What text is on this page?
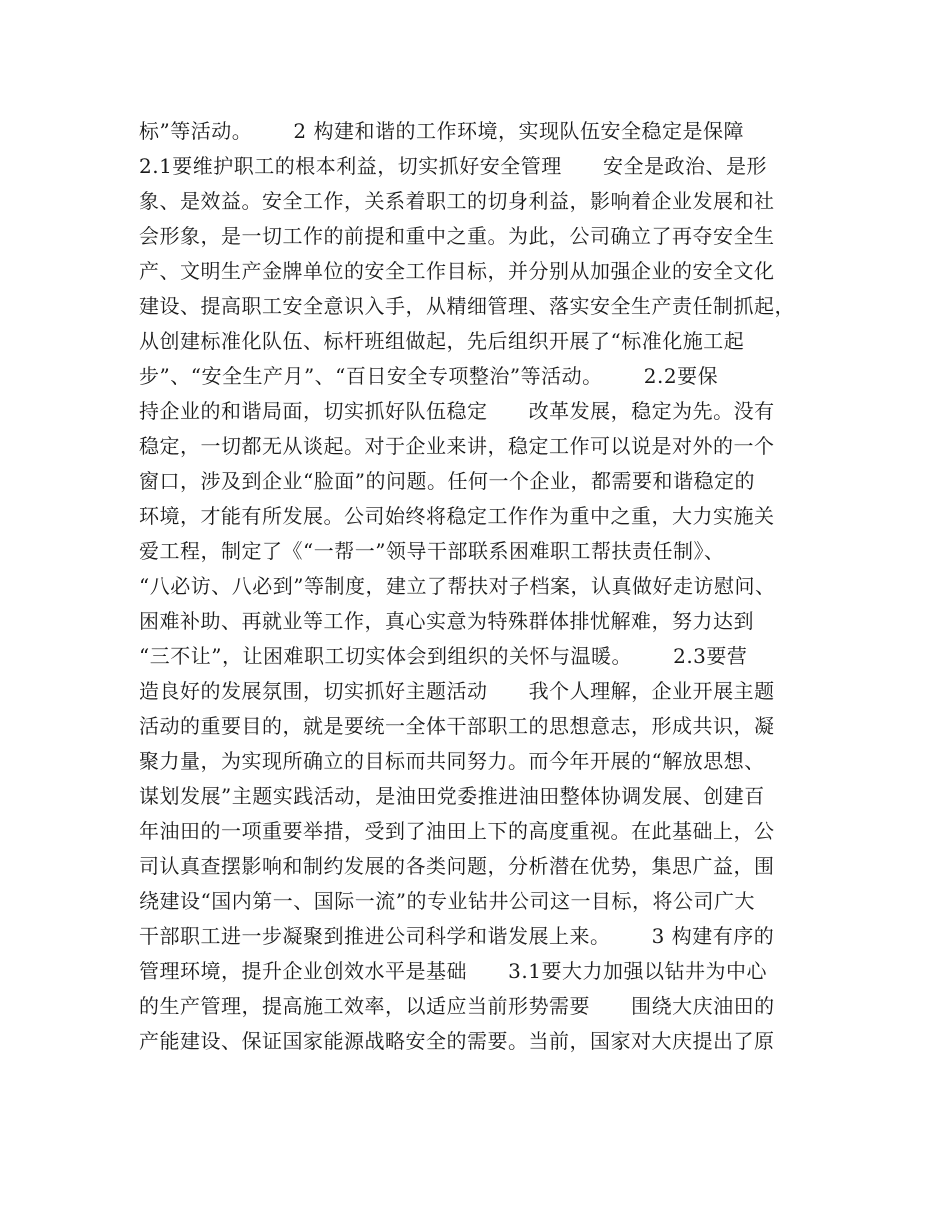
标”等活动。      2 构建和谐的工作环境，实现队伍安全稳定是保障
2.1要维护职工的根本利益，切实抓好安全管理      安全是政治、是形
象、是效益。安全工作，关系着职工的切身利益，影响着企业发展和社
会形象，是一切工作的前提和重中之重。为此，公司确立了再夺安全生
产、文明生产金牌单位的安全工作目标，并分别从加强企业的安全文化
建设、提高职工安全意识入手，从精细管理、落实安全生产责任制抓起，
从创建标准化队伍、标杆班组做起，先后组织开展了“标准化施工起
步”、“安全生产月”、“百日安全专项整治”等活动。      2.2要保
持企业的和谐局面，切实抓好队伍稳定      改革发展，稳定为先。没有
稳定，一切都无从谈起。对于企业来讲，稳定工作可以说是对外的一个
窗口，涉及到企业“脸面”的问题。任何一个企业，都需要和谐稳定的
环境，才能有所发展。公司始终将稳定工作作为重中之重，大力实施关
爱工程，制定了《“一帮一”领导干部联系困难职工帮扶责任制》、
“八必访、八必到”等制度，建立了帮扶对子档案，认真做好走访慰问、
困难补助、再就业等工作，真心实意为特殊群体排忧解难，努力达到
“三不让”，让困难职工切实体会到组织的关怀与温暖。      2.3要营
造良好的发展氛围，切实抓好主题活动      我个人理解，企业开展主题
活动的重要目的，就是要统一全体干部职工的思想意志，形成共识，凝
聚力量，为实现所确立的目标而共同努力。而今年开展的“解放思想、
谋划发展”主题实践活动，是油田党委推进油田整体协调发展、创建百
年油田的一项重要举措，受到了油田上下的高度重视。在此基础上，公
司认真查摆影响和制约发展的各类问题，分析潜在优势，集思广益，围
绕建设“国内第一、国际一流”的专业钻井公司这一目标，将公司广大
干部职工进一步凝聚到推进公司科学和谐发展上来。      3 构建有序的
管理环境，提升企业创效水平是基础      3.1要大力加强以钻井为中心
的生产管理，提高施工效率，以适应当前形势需要      围绕大庆油田的
产能建设、保证国家能源战略安全的需要。当前，国家对大庆提出了原
